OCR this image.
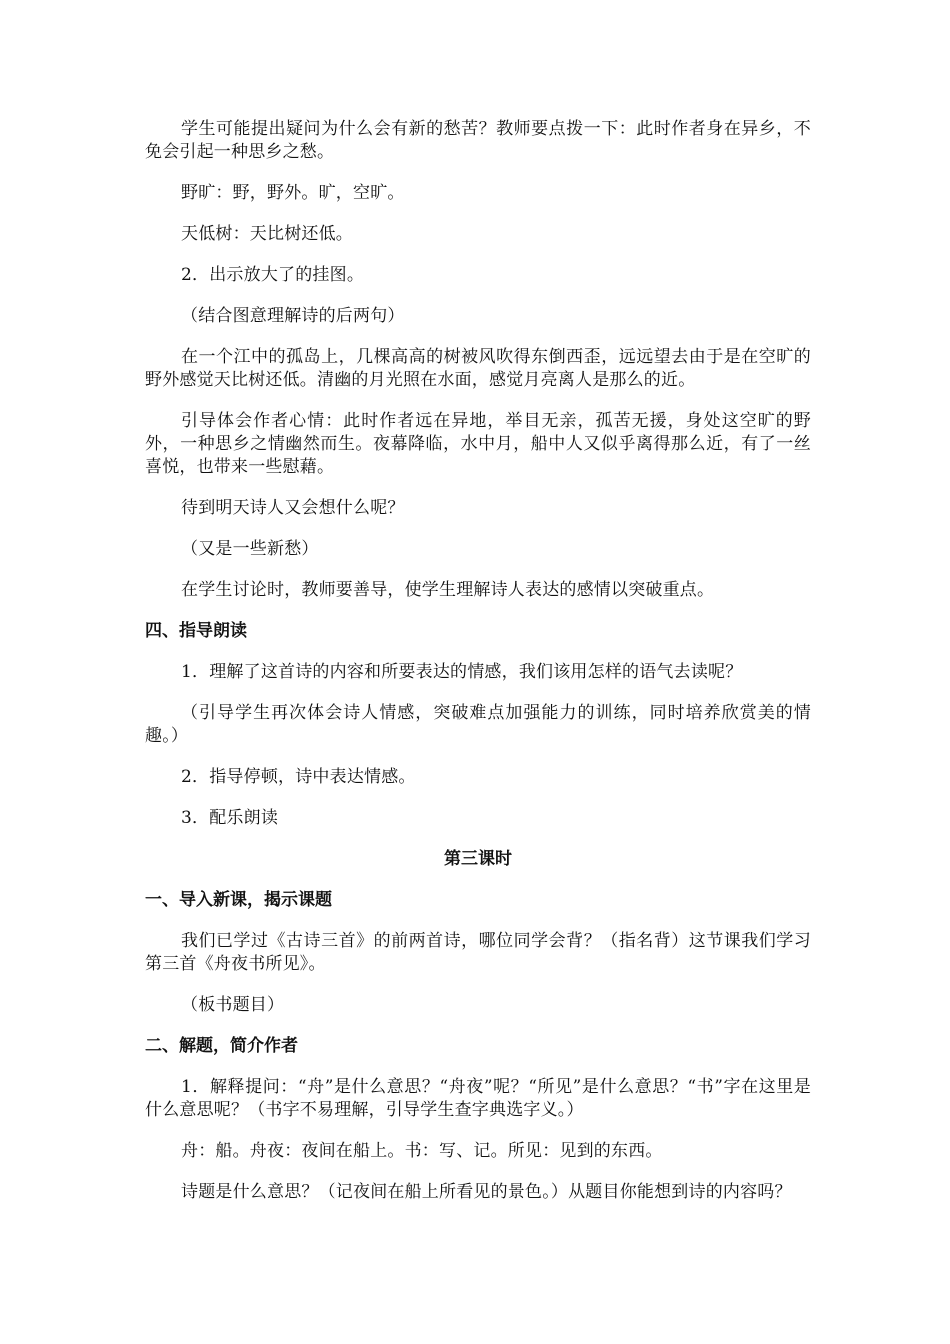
学生可能提出疑问为什么会有新的愁苦？教师要点拨一下：此时作者身在异乡，不免会引起一种思乡之愁。

野旷：野，野外。旷，空旷。

天低树：天比树还低。

2．出示放大了的挂图。

（结合图意理解诗的后两句）

在一个江中的孤岛上，几棵高高的树被风吹得东倒西歪，远远望去由于是在空旷的野外感觉天比树还低。清幽的月光照在水面，感觉月亮离人是那么的近。

引导体会作者心情：此时作者远在异地，举目无亲，孤苦无援，身处这空旷的野外，一种思乡之情幽然而生。夜幕降临，水中月，船中人又似乎离得那么近，有了一丝喜悦，也带来一些慰藉。

待到明天诗人又会想什么呢？

（又是一些新愁）

在学生讨论时，教师要善导，使学生理解诗人表达的感情以突破重点。

四、指导朗读

1．理解了这首诗的内容和所要表达的情感，我们该用怎样的语气去读呢？

（引导学生再次体会诗人情感，突破难点加强能力的训练，同时培养欣赏美的情趣。）

2．指导停顿，诗中表达情感。

3．配乐朗读

第三课时

一、导入新课，揭示课题

我们已学过《古诗三首》的前两首诗，哪位同学会背？（指名背）这节课我们学习第三首《舟夜书所见》。

（板书题目）

二、解题，简介作者

1．解释提问：“舟”是什么意思？“舟夜”呢？“所见”是什么意思？“书”字在这里是什么意思呢？（书字不易理解，引导学生查字典选字义。）

舟：船。舟夜：夜间在船上。书：写、记。所见：见到的东西。

诗题是什么意思？（记夜间在船上所看见的景色。）从题目你能想到诗的内容吗？
